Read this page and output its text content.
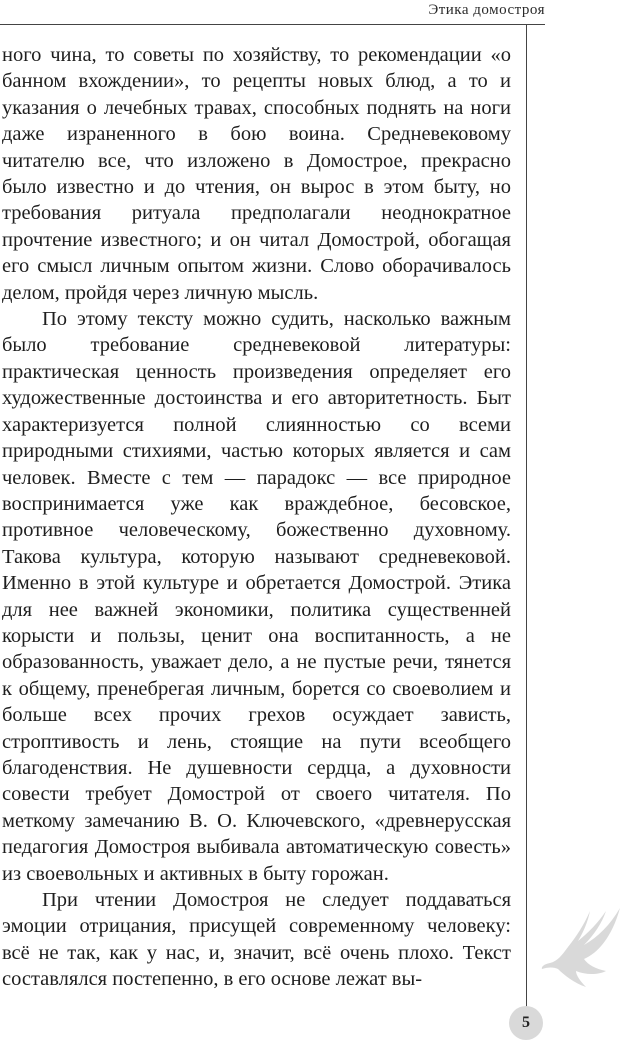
Этика домостроя

ного чина, то советы по хозяйству, то рекомендации «о банном вхождении», то рецепты новых блюд, а то и указания о лечебных травах, способных поднять на ноги даже израненного в бою воина. Средневековому читателю все, что изложено в Домострое, прекрасно было известно и до чтения, он вырос в этом быту, но требования ритуала предполагали неоднократное прочтение известного; и он читал Домострой, обогащая его смысл личным опытом жизни. Слово оборачивалось делом, пройдя через личную мысль.

По этому тексту можно судить, насколько важным было требование средневековой литературы: практическая ценность произведения определяет его художественные достоинства и его авторитетность. Быт характеризуется полной слиянностью со всеми природными стихиями, частью которых является и сам человек. Вместе с тем — парадокс — все природное воспринимается уже как враждебное, бесовское, противное человеческому, божественно духовному. Такова культура, которую называют средневековой. Именно в этой культуре и обретается Домострой. Этика для нее важней экономики, политика существенней корысти и пользы, ценит она воспитанность, а не образованность, уважает дело, а не пустые речи, тянется к общему, пренебрегая личным, борется со своеволием и больше всех прочих грехов осуждает зависть, строптивость и лень, стоящие на пути всеобщего благоденствия. Не душевности сердца, а духовности совести требует Домострой от своего читателя. По меткому замечанию В. О. Ключевского, «древнерусская педагогия Домостроя выбивала автоматическую совесть» из своевольных и активных в быту горожан.

При чтении Домостроя не следует поддаваться эмоции отрицания, присущей современному человеку: всё не так, как у нас, и, значит, всё очень плохо. Текст составлялся постепенно, в его основе лежат вы-

5
